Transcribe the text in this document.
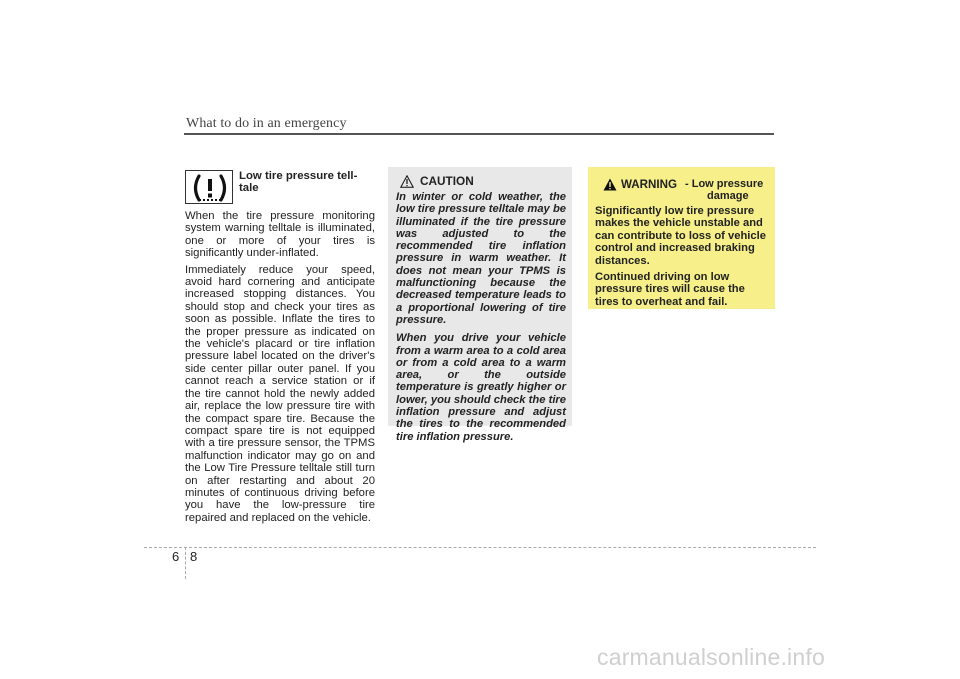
What to do in an emergency
Low tire pressure tell-tale

When the tire pressure monitoring system warning telltale is illuminated, one or more of your tires is significantly under-inflated.

Immediately reduce your speed, avoid hard cornering and anticipate increased stopping distances. You should stop and check your tires as soon as possible. Inflate the tires to the proper pressure as indicated on the vehicle's placard or tire inflation pressure label located on the driver's side center pillar outer panel. If you cannot reach a service station or if the tire cannot hold the newly added air, replace the low pressure tire with the compact spare tire. Because the compact spare tire is not equipped with a tire pressure sensor, the TPMS malfunction indicator may go on and the Low Tire Pressure telltale still turn on after restarting and about 20 minutes of continuous driving before you have the low-pressure tire repaired and replaced on the vehicle.

CAUTION

In winter or cold weather, the low tire pressure telltale may be illuminated if the tire pressure was adjusted to the recommended tire inflation pressure in warm weather. It does not mean your TPMS is malfunctioning because the decreased temperature leads to a proportional lowering of tire pressure.

When you drive your vehicle from a warm area to a cold area or from a cold area to a warm area, or the outside temperature is greatly higher or lower, you should check the tire inflation pressure and adjust the tires to the recommended tire inflation pressure.

WARNING - Low pressure
damage

Significantly low tire pressure makes the vehicle unstable and can contribute to loss of vehicle control and increased braking distances.

Continued driving on low pressure tires will cause the tires to overheat and fail.

6 8
carmanualsonline.info
